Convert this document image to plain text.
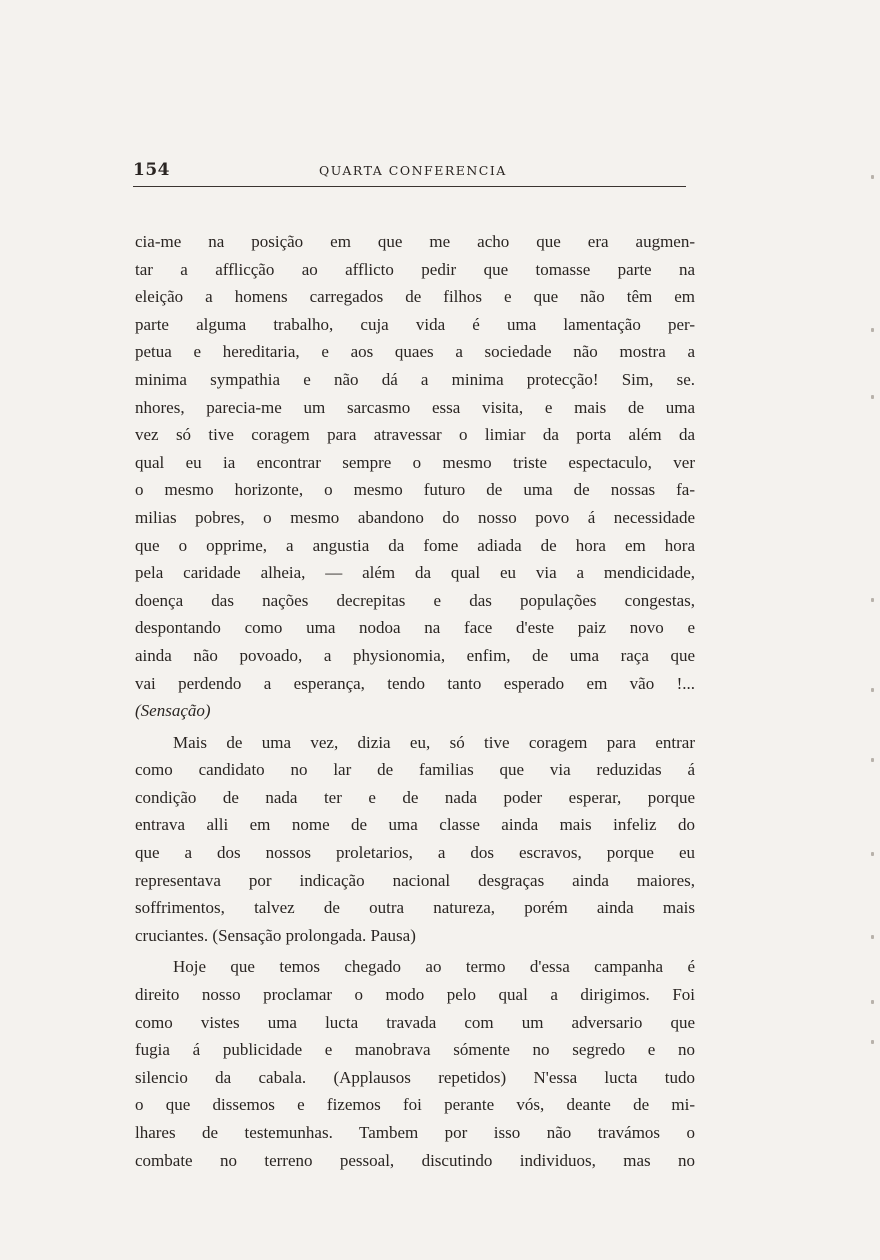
154	QUARTA CONFERENCIA
cia-me na posição em que me acho que era augmen-
tar a afflicção ao afflicto pedir que tomasse parte na
eleição a homens carregados de filhos e que não têm em
parte alguma trabalho, cuja vida é uma lamentação per-
petua e hereditaria, e aos quaes a sociedade não mostra a
minima sympathia e não dá a minima protecção! Sim, se.
nhores, parecia-me um sarcasmo essa visita, e mais de uma
vez só tive coragem para atravessar o limiar da porta além da
qual eu ia encontrar sempre o mesmo triste espectaculo, ver
o mesmo horizonte, o mesmo futuro de uma de nossas fa-
milias pobres, o mesmo abandono do nosso povo á necessidade
que o opprime, a angustia da fome adiada de hora em hora
pela caridade alheia, — além da qual eu via a mendicidade,
doença das nações decrepitas e das populações congestas,
despontando como uma nodoa na face d'este paiz novo e
ainda não povoado, a physionomia, enfim, de uma raça que
vai perdendo a esperança, tendo tanto esperado em vão !...
(Sensação)
Mais de uma vez, dizia eu, só tive coragem para entrar
como candidato no lar de familias que via reduzidas á
condição de nada ter e de nada poder esperar, porque
entrava alli em nome de uma classe ainda mais infeliz do
que a dos nossos proletarios, a dos escravos, porque eu
representava por indicação nacional desgraças ainda maiores,
soffrimentos, talvez de outra natureza, porém ainda mais
cruciantes. (Sensação prolongada. Pausa)
Hoje que temos chegado ao termo d'essa campanha é
direito nosso proclamar o modo pelo qual a dirigimos. Foi
como vistes uma lucta travada com um adversario que
fugia á publicidade e manobrava sómente no segredo e no
silencio da cabala. (Applausos repetidos) N'essa lucta tudo
o que dissemos e fizemos foi perante vós, deante de mi-
lhares de testemunhas. Tambem por isso não travámos o
combate no terreno pessoal, discutindo individuos, mas no
